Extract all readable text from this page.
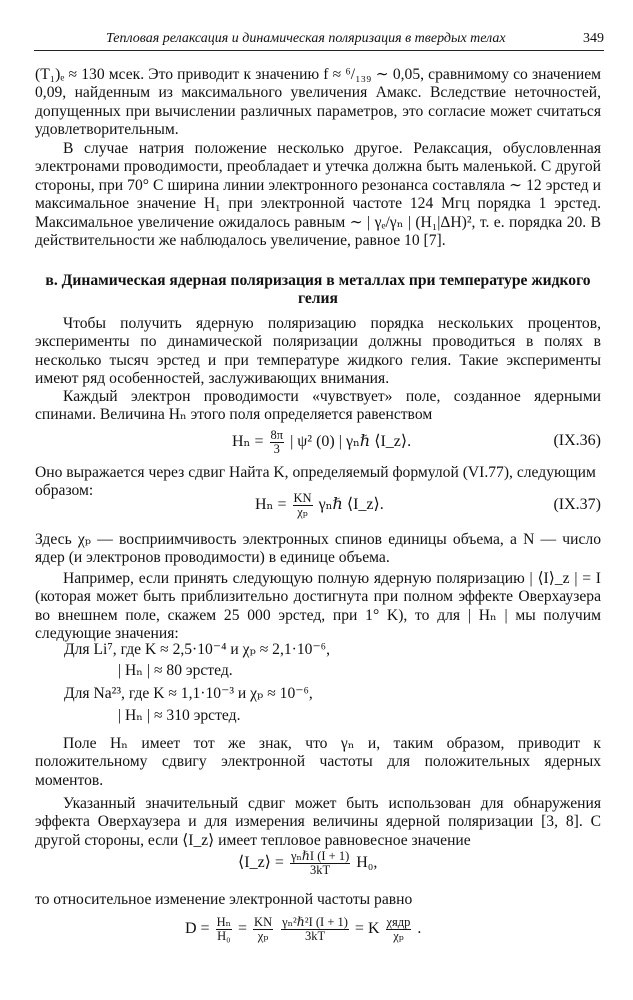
Тепловая релаксация и динамическая поляризация в твердых телах	349

(T₁)ₑ ≈ 130 мсек. Это приводит к значению f ≈ ⁶/₁₃₉ ∼ 0,05, сравнимому со значением 0,09, найденным из максимального увеличения Aмакс. Вследствие неточностей, допущенных при вычислении различных параметров, это согласие может считаться удовлетворительным.

В случае натрия положение несколько другое. Релаксация, обусловленная электронами проводимости, преобладает и утечка должна быть маленькой. С другой стороны, при 70° C ширина линии электронного резонанса составляла ∼ 12 эрстед и максимальное значение H₁ при электронной частоте 124 Мгц порядка 1 эрстед. Максимальное увеличение ожидалось равным ∼ | γₑ/γₙ | (H₁|ΔH)², т. е. порядка 20. В действительности же наблюдалось увеличение, равное 10 [7].

в. Динамическая ядерная поляризация в металлах при температуре жидкого гелия

Чтобы получить ядерную поляризацию порядка нескольких процентов, эксперименты по динамической поляризации должны проводиться в полях в несколько тысяч эрстед и при температуре жидкого гелия. Такие эксперименты имеют ряд особенностей, заслуживающих внимания.

Каждый электрон проводимости «чувствует» поле, созданное ядерными спинами. Величина Hₙ этого поля определяется равенством

$H_n = \frac{8\pi}{3}$ | ψ² (0) | γₙℏ ⟨I_z⟩.	(IX.36)

Оно выражается через сдвиг Найта K, определяемый формулой (VI.77), следующим образом:

$H_n = \frac{KN}{\text{χₚ}}$ γₙℏ ⟨I_z⟩.	(IX.37)

Здесь χₚ — восприимчивость электронных спинов единицы объема, а N — число ядер (и электронов проводимости) в единице объема.

Например, если принять следующую полную ядерную поляризацию | ⟨I⟩_z | = I (которая может быть приблизительно достигнута при полном эффекте Оверхаузера во внешнем поле, скажем 25 000 эрстед, при 1° K), то для | Hₙ | мы получим следующие значения:

Для Li⁷, где K ≈ 2,5·10⁻⁴ и χₚ ≈ 2,1·10⁻⁶,
| Hₙ | ≈ 80 эрстед.
Для Na²³, где K ≈ 1,1·10⁻³ и χₚ ≈ 10⁻⁶,
| Hₙ | ≈ 310 эрстед.

Поле Hₙ имеет тот же знак, что γₙ и, таким образом, приводит к положительному сдвигу электронной частоты для положительных ядерных моментов.

Указанный значительный сдвиг может быть использован для обнаружения эффекта Оверхаузера и для измерения величины ядерной поляризации [3, 8]. С другой стороны, если ⟨I_z⟩ имеет тепловое равновесное значение

⟨I_z⟩ = $\frac{\text{γₙℏI (I + 1)}}{3kT} H_0$,

то относительное изменение электронной частоты равно

$D = \frac{\text{Hₙ}}{\text{H₀}} = \frac{KN}{\text{χₚ}}$
$\frac{\text{γₙ²ℏ²I (I + 1)}}{3kT} = K \frac{\text{χядр}}{\text{χₚ}}$ .
